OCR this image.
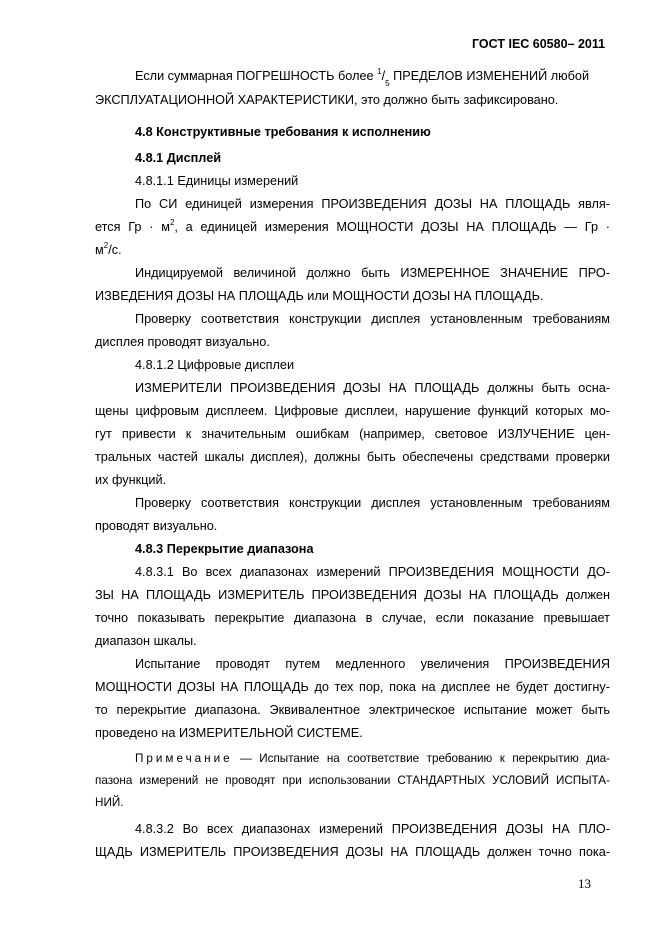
ГОСТ IEC 60580– 2011
Если суммарная ПОГРЕШНОСТЬ более $^1/_5$ ПРЕДЕЛОВ ИЗМЕНЕНИЙ любой
ЭКСПЛУАТАЦИОННОЙ ХАРАКТЕРИСТИКИ, это должно быть зафиксировано.
4.8 Конструктивные требования к исполнению
4.8.1 Дисплей
4.8.1.1 Единицы измерений
По СИ единицей измерения ПРОИЗВЕДЕНИЯ ДОЗЫ НА ПЛОЩАДЬ явля-
ется Гр · $м^2$, а единицей измерения МОЩНОСТИ ДОЗЫ НА ПЛОЩАДЬ — Гр ·
$м^2/с$.
Индицируемой величиной должно быть ИЗМЕРЕННОЕ ЗНАЧЕНИЕ ПРО-
ИЗВЕДЕНИЯ ДОЗЫ НА ПЛОЩАДЬ или МОЩНОСТИ ДОЗЫ НА ПЛОЩАДЬ.
Проверку соответствия конструкции дисплея установленным требованиям
дисплея проводят визуально.
4.8.1.2 Цифровые дисплеи
ИЗМЕРИТЕЛИ ПРОИЗВЕДЕНИЯ ДОЗЫ НА ПЛОЩАДЬ должны быть осна-
щены цифровым дисплеем. Цифровые дисплеи, нарушение функций которых мо-
гут привести к значительным ошибкам (например, световое ИЗЛУЧЕНИЕ цен-
тральных частей шкалы дисплея), должны быть обеспечены средствами проверки
их функций.
Проверку соответствия конструкции дисплея установленным требованиям
проводят визуально.
4.8.3 Перекрытие диапазона
4.8.3.1 Во всех диапазонах измерений ПРОИЗВЕДЕНИЯ МОЩНОСТИ ДО-
ЗЫ НА ПЛОЩАДЬ ИЗМЕРИТЕЛЬ ПРОИЗВЕДЕНИЯ ДОЗЫ НА ПЛОЩАДЬ должен
точно показывать перекрытие диапазона в случае, если показание превышает
диапазон шкалы.
Испытание проводят путем медленного увеличения ПРОИЗВЕДЕНИЯ
МОЩНОСТИ ДОЗЫ НА ПЛОЩАДЬ до тех пор, пока на дисплее не будет достигну-
то перекрытие диапазона. Эквивалентное электрическое испытание может быть
проведено на ИЗМЕРИТЕЛЬНОЙ СИСТЕМЕ.
Примечание — Испытание на соответствие требованию к перекрытию диа-
пазона измерений не проводят при использовании СТАНДАРТНЫХ УСЛОВИЙ ИСПЫТА-
НИЙ.
4.8.3.2 Во всех диапазонах измерений ПРОИЗВЕДЕНИЯ ДОЗЫ НА ПЛО-
ЩАДЬ ИЗМЕРИТЕЛЬ ПРОИЗВЕДЕНИЯ ДОЗЫ НА ПЛОЩАДЬ должен точно пока-
13
